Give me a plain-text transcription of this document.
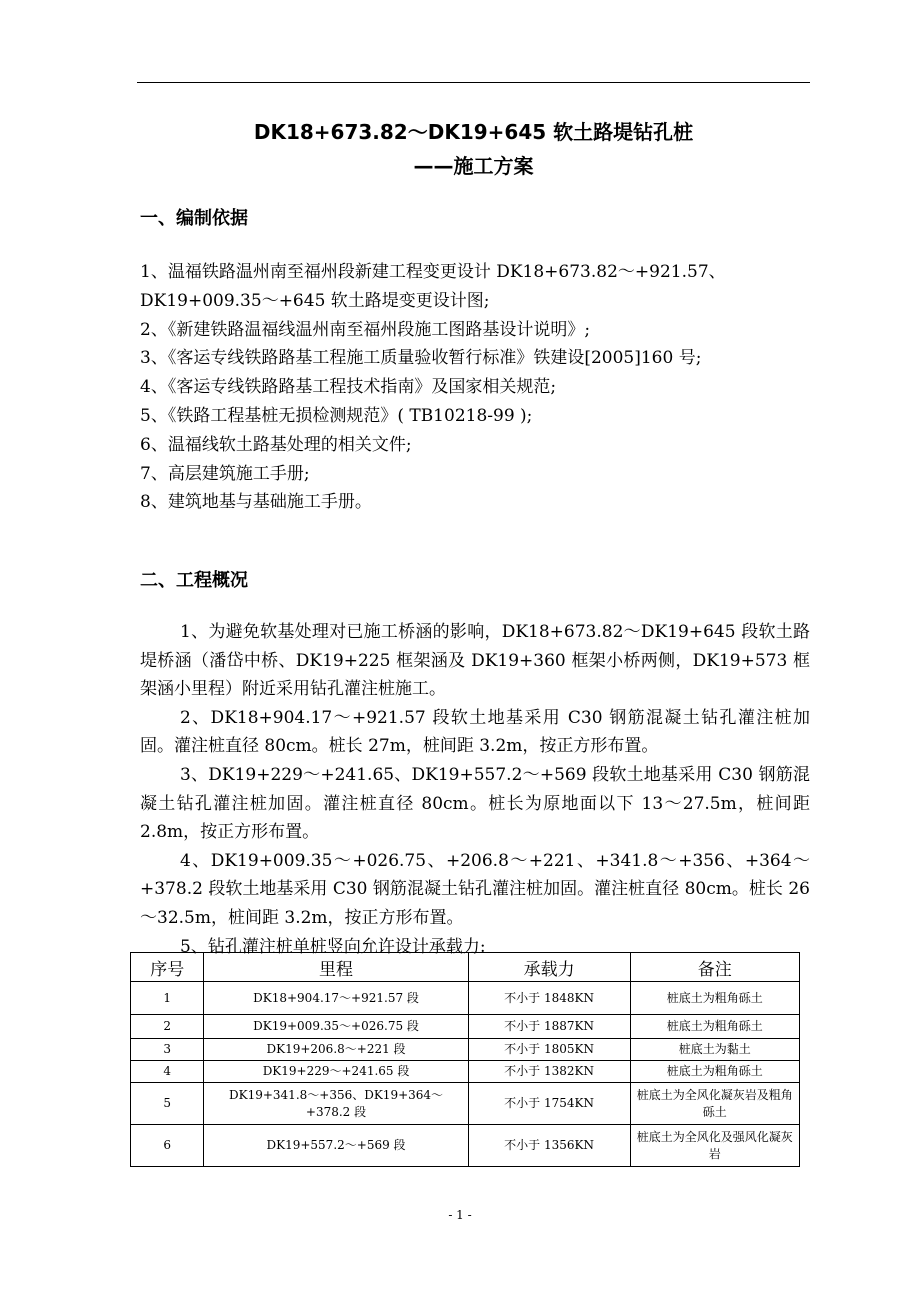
DK18+673.82～DK19+645 软土路堤钻孔桩
——施工方案
一、编制依据

1、温福铁路温州南至福州段新建工程变更设计 DK18+673.82～+921.57、DK19+009.35～+645 软土路堤变更设计图;

2、《新建铁路温福线温州南至福州段施工图路基设计说明》;

3、《客运专线铁路路基工程施工质量验收暂行标准》铁建设[2005]160 号;

4、《客运专线铁路路基工程技术指南》及国家相关规范;

5、《铁路工程基桩无损检测规范》( TB10218-99 );

6、温福线软土路基处理的相关文件;

7、高层建筑施工手册;

8、建筑地基与基础施工手册。

二、工程概况

1、为避免软基处理对已施工桥涵的影响，DK18+673.82～DK19+645 段软土路堤桥涵（潘岱中桥、DK19+225 框架涵及 DK19+360 框架小桥两侧，DK19+573 框架涵小里程）附近采用钻孔灌注桩施工。

2、DK18+904.17～+921.57 段软土地基采用 C30 钢筋混凝土钻孔灌注桩加固。灌注桩直径 80cm。桩长 27m，桩间距 3.2m，按正方形布置。

3、DK19+229～+241.65、DK19+557.2～+569 段软土地基采用 C30 钢筋混凝土钻孔灌注桩加固。灌注桩直径 80cm。桩长为原地面以下 13～27.5m，桩间距 2.8m，按正方形布置。

4、DK19+009.35～+026.75、+206.8～+221、+341.8～+356、+364～+378.2 段软土地基采用 C30 钢筋混凝土钻孔灌注桩加固。灌注桩直径 80cm。桩长 26～32.5m，桩间距 3.2m，按正方形布置。

5、钻孔灌注桩单桩竖向允许设计承载力:

序号	里程	承载力	备注
1	DK18+904.17～+921.57 段	不小于 1848KN	桩底土为粗角砾土
2	DK19+009.35～+026.75 段	不小于 1887KN	桩底土为粗角砾土
3	DK19+206.8～+221 段	不小于 1805KN	桩底土为黏土
4	DK19+229～+241.65 段	不小于 1382KN	桩底土为粗角砾土
5	DK19+341.8～+356、DK19+364～+378.2 段	不小于 1754KN	桩底土为全风化凝灰岩及粗角砾土
6	DK19+557.2～+569 段	不小于 1356KN	桩底土为全风化及强风化凝灰岩
- 1 -
